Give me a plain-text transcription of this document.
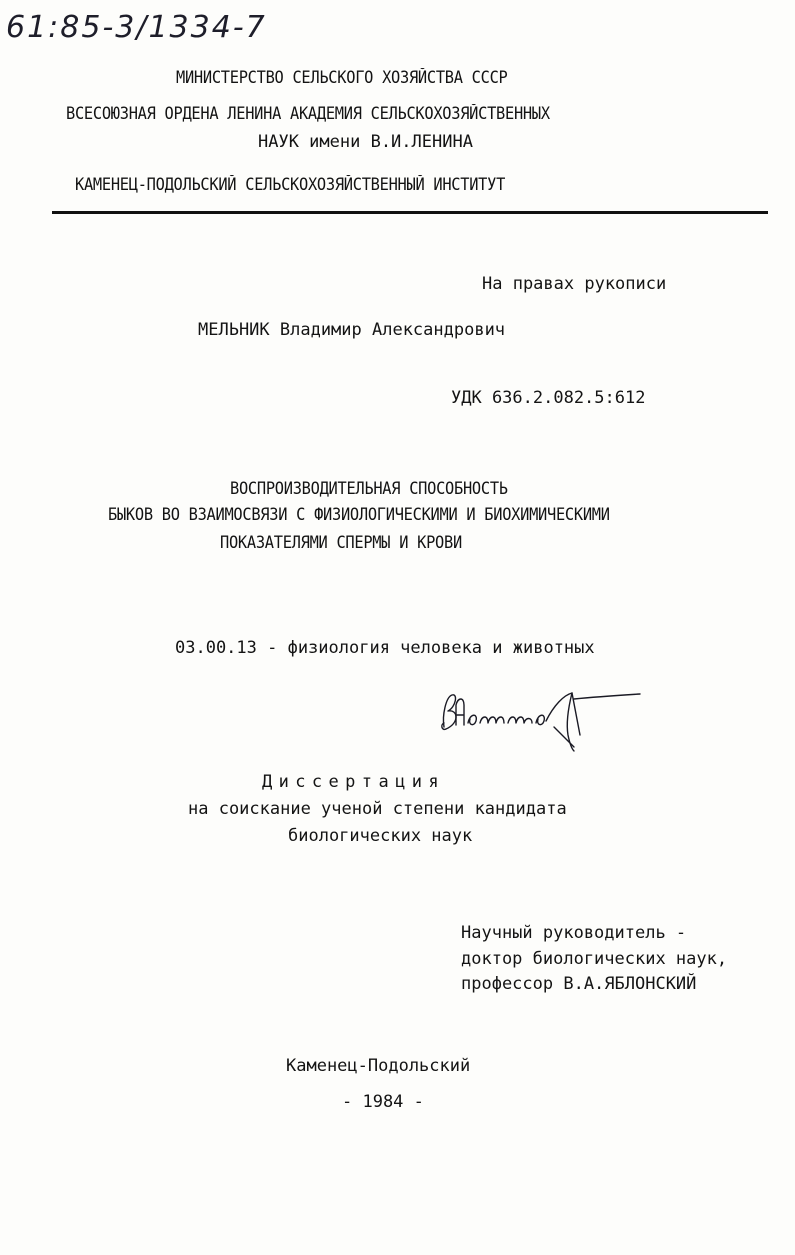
61:85-3/1334-7
МИНИСТЕРСТВО СЕЛЬСКОГО ХОЗЯЙСТВА СССР
ВСЕСОЮЗНАЯ ОРДЕНА ЛЕНИНА АКАДЕМИЯ СЕЛЬСКОХОЗЯЙСТВЕННЫХ
НАУК имени В.И.ЛЕНИНА
КАМЕНЕЦ-ПОДОЛЬСКИЙ СЕЛЬСКОХОЗЯЙСТВЕННЫЙ ИНСТИТУТ
На правах рукописи
МЕЛЬНИК Владимир Александрович
УДК 636.2.082.5:612
ВОСПРОИЗВОДИТЕЛЬНАЯ СПОСОБНОСТЬ
БЫКОВ ВО ВЗАИМОСВЯЗИ С ФИЗИОЛОГИЧЕСКИМИ И БИОХИМИЧЕСКИМИ
ПОКАЗАТЕЛЯМИ СПЕРМЫ И КРОВИ
03.00.13 - физиология человека и животных
Диссертация
на соискание ученой степени кандидата
биологических наук
Научный руководитель -
доктор биологических наук,
профессор В.А.ЯБЛОНСКИЙ
Каменец-Подольский
- 1984 -
